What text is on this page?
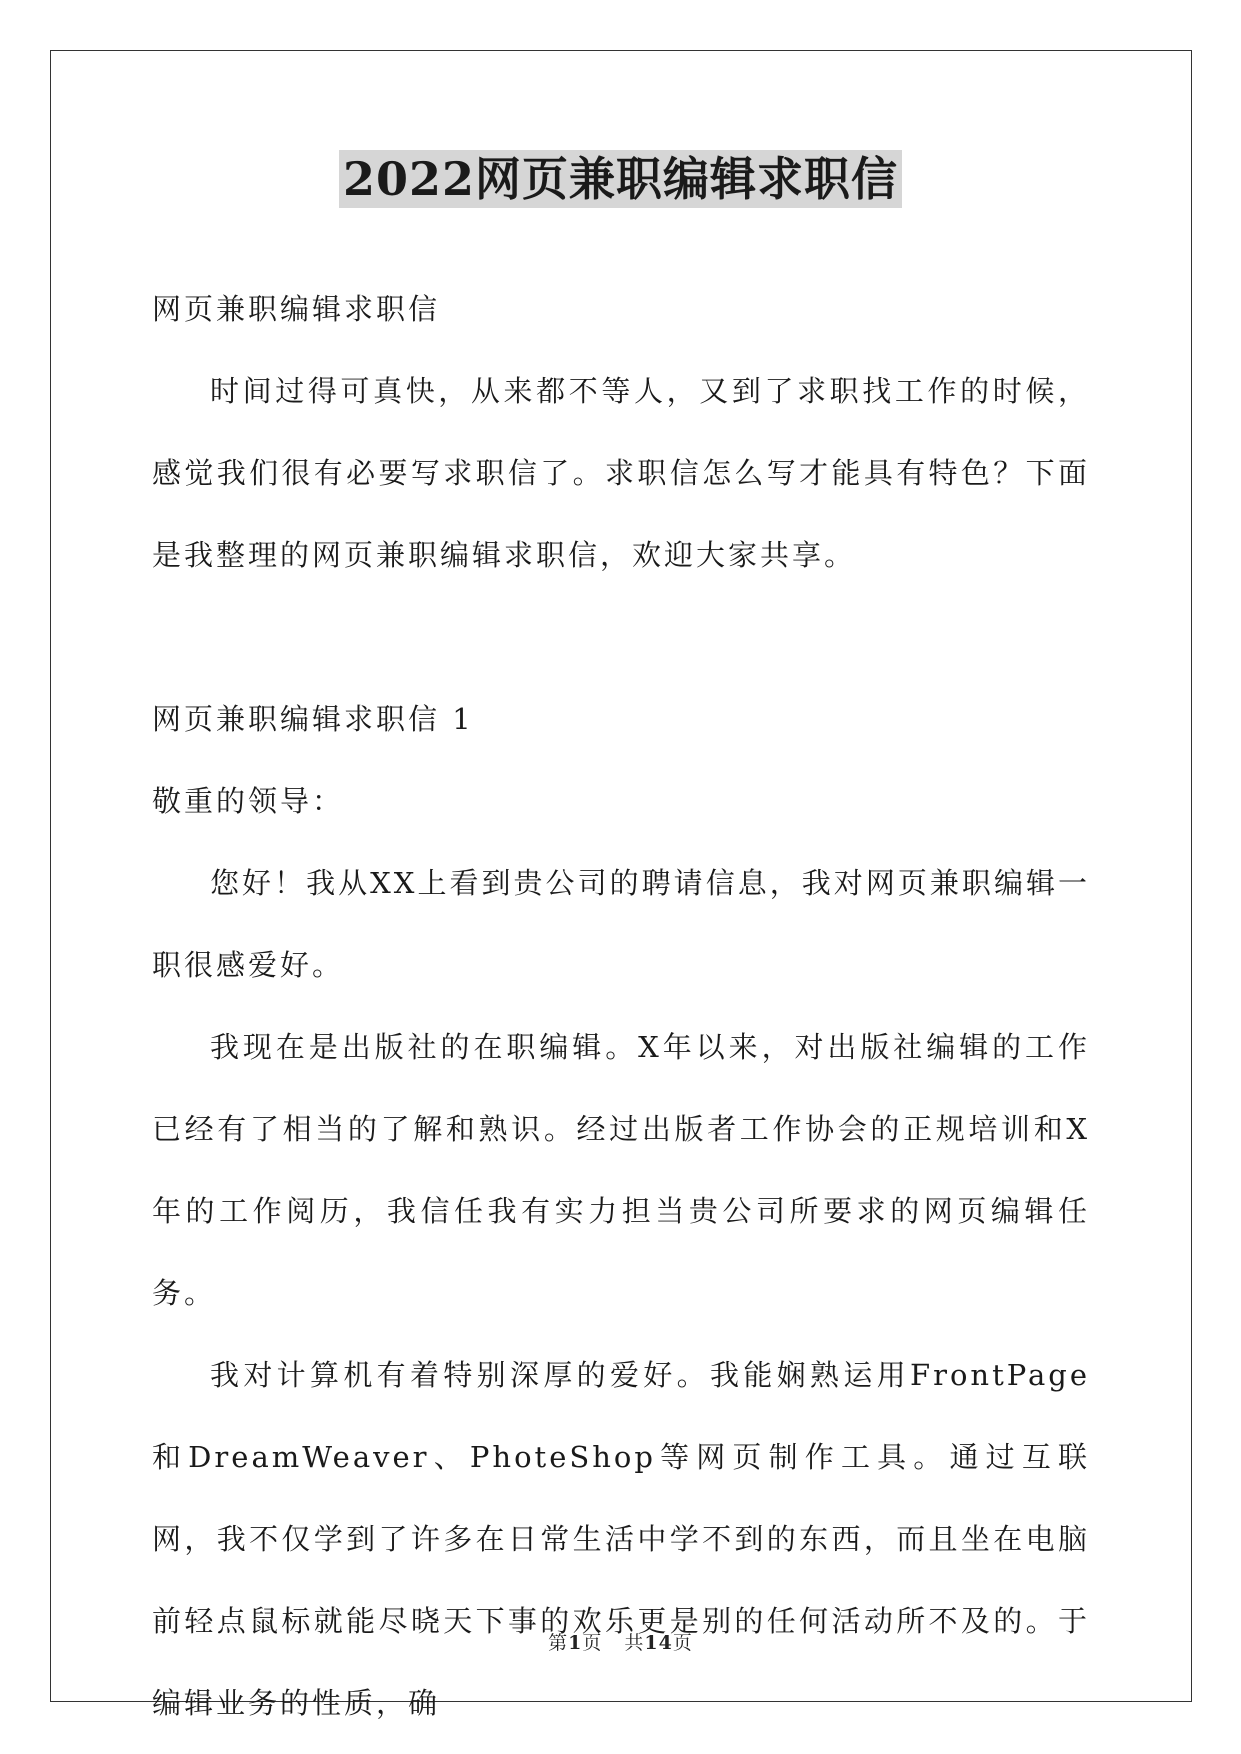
2022网页兼职编辑求职信

网页兼职编辑求职信

时间过得可真快，从来都不等人，又到了求职找工作的时候，感觉我们很有必要写求职信了。求职信怎么写才能具有特色？下面是我整理的网页兼职编辑求职信，欢迎大家共享。

网页兼职编辑求职信 1

敬重的领导：

您好！我从XX上看到贵公司的聘请信息，我对网页兼职编辑一职很感爱好。

我现在是出版社的在职编辑。X年以来，对出版社编辑的工作已经有了相当的了解和熟识。经过出版者工作协会的正规培训和X年的工作阅历，我信任我有实力担当贵公司所要求的网页编辑任务。

我对计算机有着特别深厚的爱好。我能娴熟运用FrontPage和DreamWeaver、PhoteShop等网页制作工具。通过互联网，我不仅学到了许多在日常生活中学不到的东西，而且坐在电脑前轻点鼠标就能尽晓天下事的欢乐更是别的任何活动所不及的。于编辑业务的性质，确

第1页 共14页
